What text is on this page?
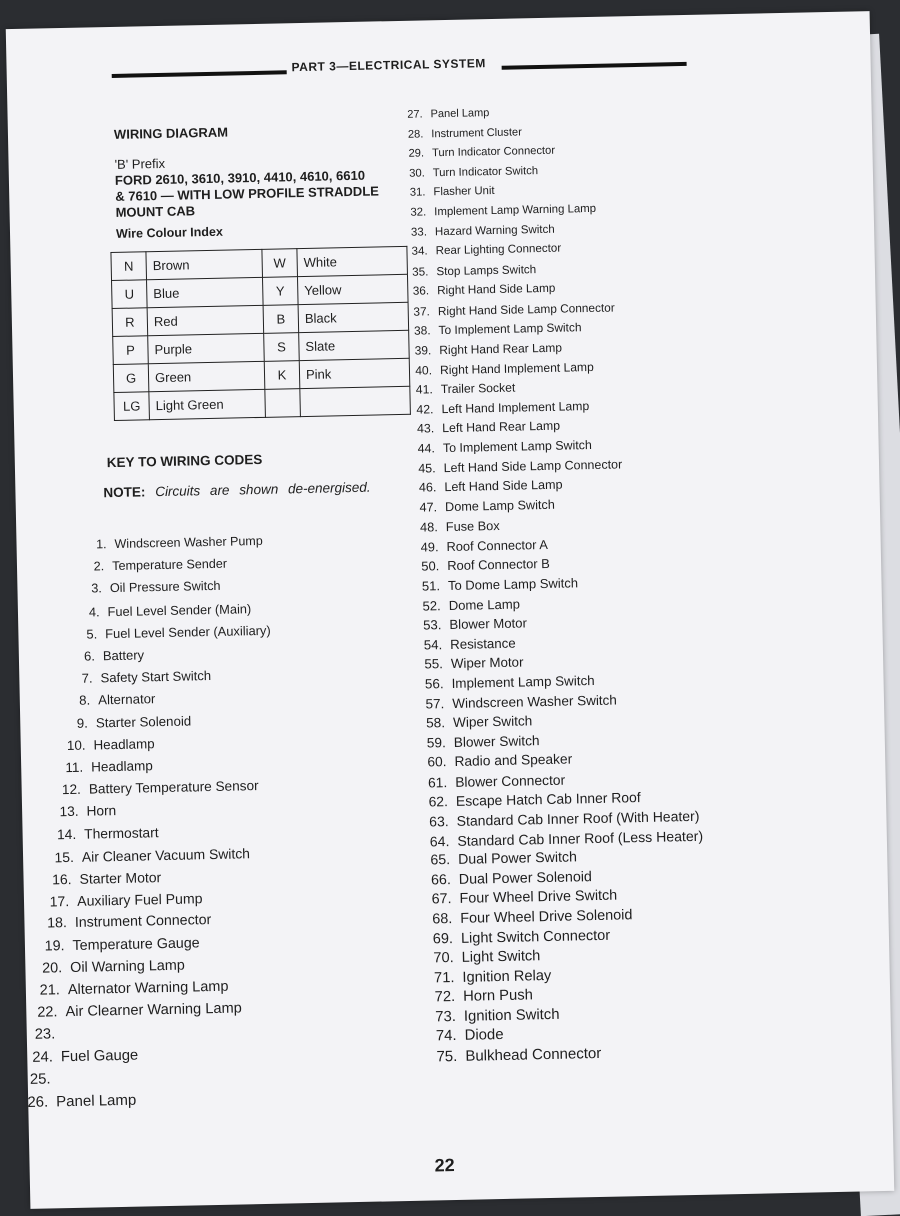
PART 3—ELECTRICAL SYSTEM
WIRING DIAGRAM
'B' Prefix
FORD 2610, 3610, 3910, 4410, 4610, 6610
& 7610 — WITH LOW PROFILE STRADDLE
MOUNT CAB
Wire Colour Index
N	Brown	W	White
U	Blue	Y	Yellow
R	Red	B	Black
P	Purple	S	Slate
G	Green	K	Pink
LG	Light Green		
KEY TO WIRING CODES
NOTE: Circuits are shown de-energised.
1. Windscreen Washer Pump
2. Temperature Sender
3. Oil Pressure Switch
4. Fuel Level Sender (Main)
5. Fuel Level Sender (Auxiliary)
6. Battery
7. Safety Start Switch
8. Alternator
9. Starter Solenoid
10. Headlamp
11. Headlamp
12. Battery Temperature Sensor
13. Horn
14. Thermostart
15. Air Cleaner Vacuum Switch
16. Starter Motor
17. Auxiliary Fuel Pump
18. Instrument Connector
19. Temperature Gauge
20. Oil Warning Lamp
21. Alternator Warning Lamp
22. Air Clearner Warning Lamp
23.
24. Fuel Gauge
25.
26. Panel Lamp
27. Panel Lamp
28. Instrument Cluster
29. Turn Indicator Connector
30. Turn Indicator Switch
31. Flasher Unit
32. Implement Lamp Warning Lamp
33. Hazard Warning Switch
34. Rear Lighting Connector
35. Stop Lamps Switch
36. Right Hand Side Lamp
37. Right Hand Side Lamp Connector
38. To Implement Lamp Switch
39. Right Hand Rear Lamp
40. Right Hand Implement Lamp
41. Trailer Socket
42. Left Hand Implement Lamp
43. Left Hand Rear Lamp
44. To Implement Lamp Switch
45. Left Hand Side Lamp Connector
46. Left Hand Side Lamp
47. Dome Lamp Switch
48. Fuse Box
49. Roof Connector A
50. Roof Connector B
51. To Dome Lamp Switch
52. Dome Lamp
53. Blower Motor
54. Resistance
55. Wiper Motor
56. Implement Lamp Switch
57. Windscreen Washer Switch
58. Wiper Switch
59. Blower Switch
60. Radio and Speaker
61. Blower Connector
62. Escape Hatch Cab Inner Roof
63. Standard Cab Inner Roof (With Heater)
64. Standard Cab Inner Roof (Less Heater)
65. Dual Power Switch
66. Dual Power Solenoid
67. Four Wheel Drive Switch
68. Four Wheel Drive Solenoid
69. Light Switch Connector
70. Light Switch
71. Ignition Relay
72. Horn Push
73. Ignition Switch
74. Diode
75. Bulkhead Connector
22
